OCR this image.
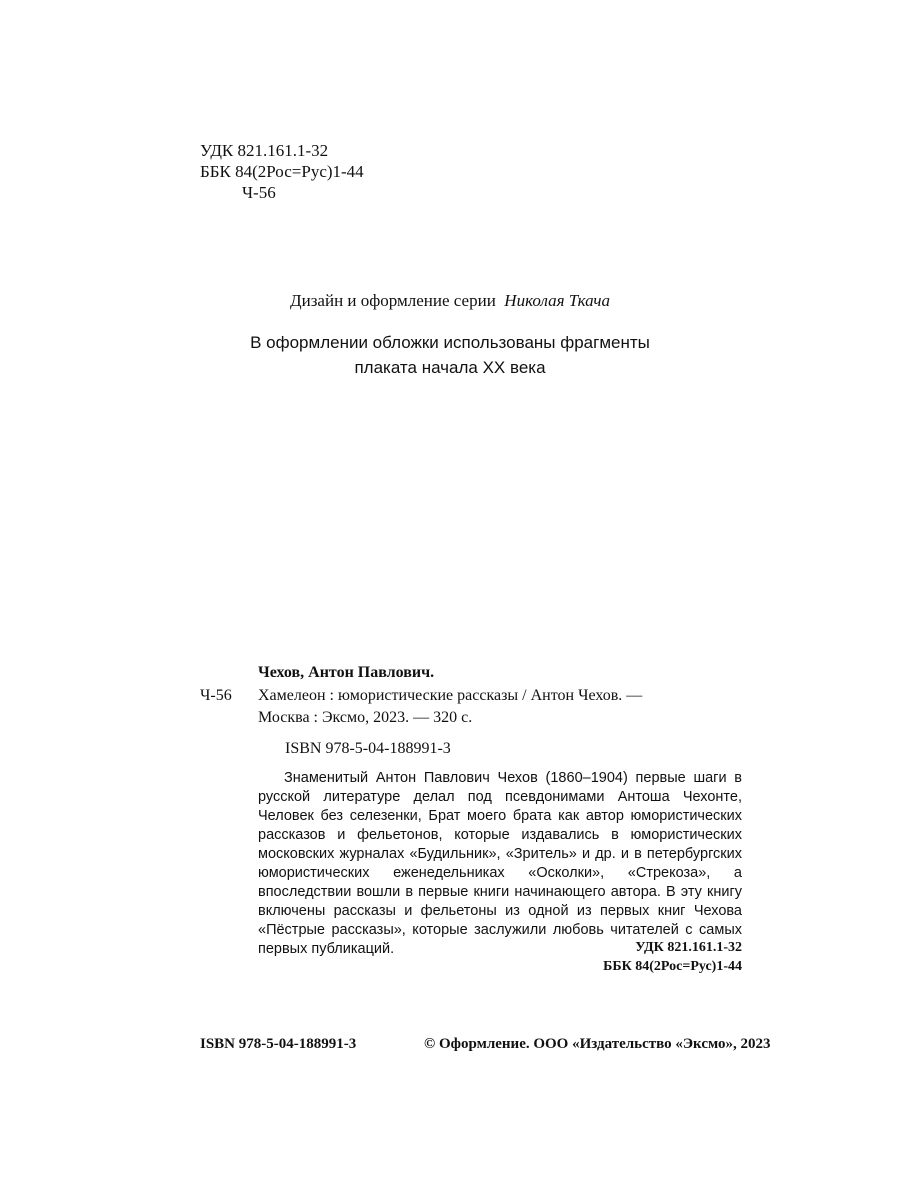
УДК 821.161.1-32
ББК 84(2Рос=Рус)1-44
Ч-56
Дизайн и оформление серии Николая Ткача
В оформлении обложки использованы фрагменты
плаката начала XX века
Чехов, Антон Павлович.
Ч-56 Хамелеон : юмористические рассказы / Антон Чехов. —
Москва : Эксмо, 2023. — 320 с.
ISBN 978-5-04-188991-3

Знаменитый Антон Павлович Чехов (1860–1904) первые шаги в русской литературе делал под псевдонимами Антоша Чехонте, Человек без селезенки, Брат моего брата как автор юмористических рассказов и фельетонов, которые издавались в юмористических московских журналах «Будильник», «Зритель» и др. и в петербургских юмористических еженедельниках «Осколки», «Стрекоза», а впоследствии вошли в первые книги начинающего автора. В эту книгу включены рассказы и фельетоны из одной из первых книг Чехова «Пёстрые рассказы», которые заслужили любовь читателей с самых первых публикаций.	УДК 821.161.1-32
ББК 84(2Рос=Рус)1-44
ISBN 978-5-04-188991-3	© Оформление. ООО «Издательство «Эксмо», 2023
